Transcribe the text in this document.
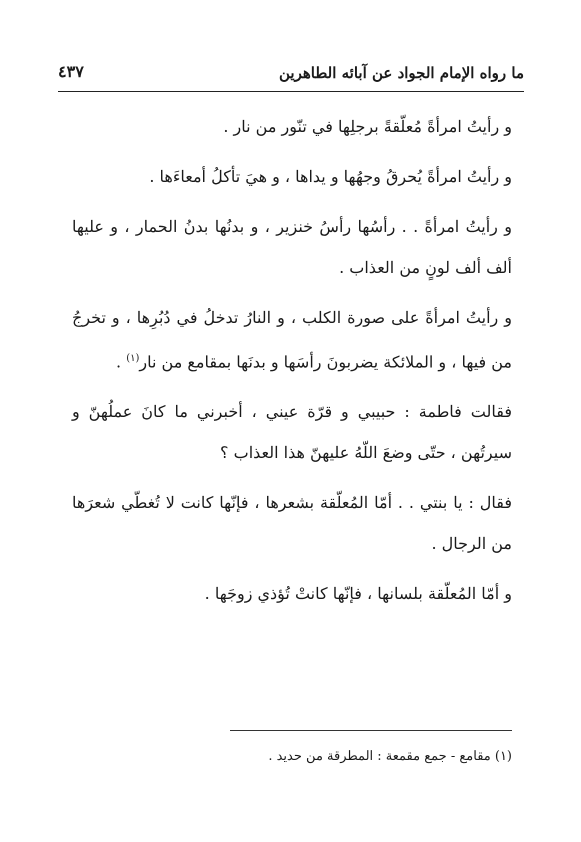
ما رواه الإمام الجواد عن آبائه الطاهرين
٤٣٧

و رأيتُ امرأةً مُعلّقةً برجلِها في تنّور من نار .

و رأيتُ امرأةً يُحرقُ وجهُها و يداها ، و هيَ تأكلُ أمعاءَها .

و رأيتُ امرأةً . . رأسُها رأسُ خنزير ، و بدنُها بدنُ الحمار ، و عليها ألف ألف لونٍ من العذاب .

و رأيتُ امرأةً على صورة الكلب ، و النارُ تدخلُ في دُبُرِها ، و تخرجُ من فيها ، و الملائكة يضربونَ رأسَها و بدنَها بمقامع من نار$^{(١)}$ .

فقالت فاطمة : حبيبي و قرّة عيني ، أخبرني ما كانَ عملُهنّ و سيرتُهن ، حتّى وضعَ اللّهُ عليهنّ هذا العذاب ؟

فقال : يا بنتي . . أمّا المُعلّقة بشعرها ، فإنّها كانت لا تُغطّي شعرَها من الرجال .

و أمّا المُعلّقة بلسانها ، فإنّها كانتْ تُؤذي زوجَها .

(١) مقامع - جمع مقمعة : المطرقة من حديد .
